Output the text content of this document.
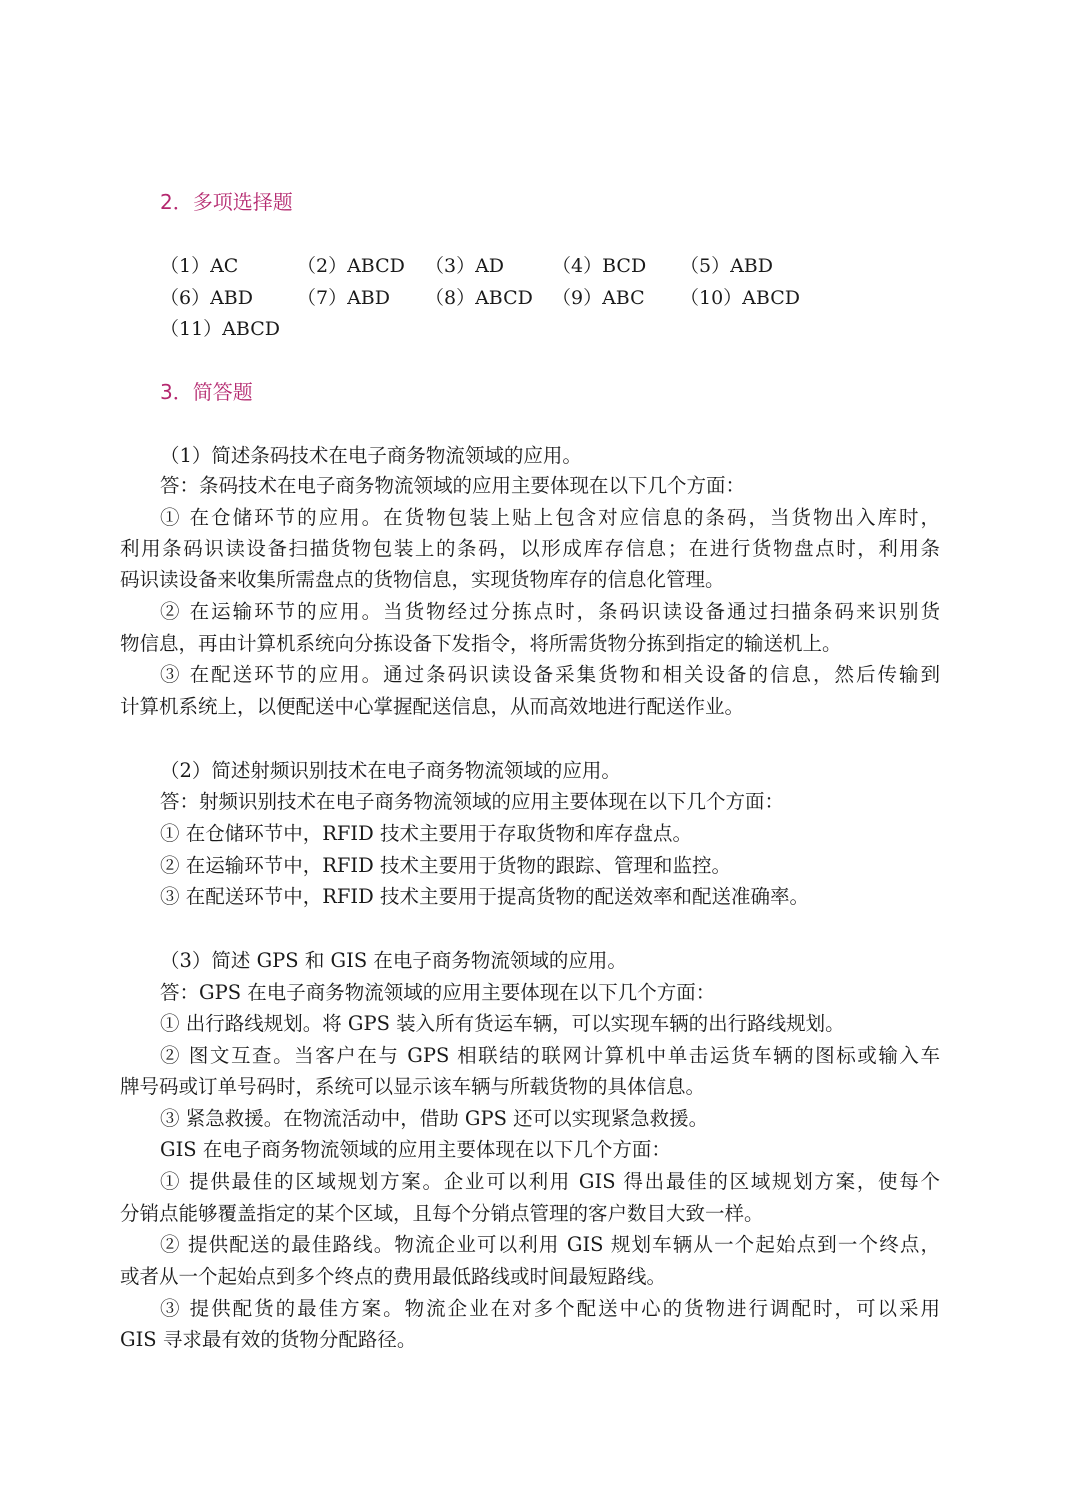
2．多项选择题
（1）AC	（2）ABCD （3）AD	（4）BCD （5）ABD
（6）ABD （7）ABD （8）ABCD （9）ABC （10）ABCD
（11）ABCD
3．简答题
（1）简述条码技术在电子商务物流领域的应用。
答：条码技术在电子商务物流领域的应用主要体现在以下几个方面：
① 在仓储环节的应用。在货物包装上贴上包含对应信息的条码，当货物出入库时，
利用条码识读设备扫描货物包装上的条码，以形成库存信息；在进行货物盘点时，利用条
码识读设备来收集所需盘点的货物信息，实现货物库存的信息化管理。
② 在运输环节的应用。当货物经过分拣点时，条码识读设备通过扫描条码来识别货
物信息，再由计算机系统向分拣设备下发指令，将所需货物分拣到指定的输送机上。
③ 在配送环节的应用。通过条码识读设备采集货物和相关设备的信息，然后传输到
计算机系统上，以便配送中心掌握配送信息，从而高效地进行配送作业。
（2）简述射频识别技术在电子商务物流领域的应用。
答：射频识别技术在电子商务物流领域的应用主要体现在以下几个方面：
① 在仓储环节中，RFID 技术主要用于存取货物和库存盘点。
② 在运输环节中，RFID 技术主要用于货物的跟踪、管理和监控。
③ 在配送环节中，RFID 技术主要用于提高货物的配送效率和配送准确率。
（3）简述 GPS 和 GIS 在电子商务物流领域的应用。
答：GPS 在电子商务物流领域的应用主要体现在以下几个方面：
① 出行路线规划。将 GPS 装入所有货运车辆，可以实现车辆的出行路线规划。
② 图文互查。当客户在与 GPS 相联结的联网计算机中单击运货车辆的图标或输入车
牌号码或订单号码时，系统可以显示该车辆与所载货物的具体信息。
③ 紧急救援。在物流活动中，借助 GPS 还可以实现紧急救援。
GIS 在电子商务物流领域的应用主要体现在以下几个方面：
① 提供最佳的区域规划方案。企业可以利用 GIS 得出最佳的区域规划方案，使每个
分销点能够覆盖指定的某个区域，且每个分销点管理的客户数目大致一样。
② 提供配送的最佳路线。物流企业可以利用 GIS 规划车辆从一个起始点到一个终点，
或者从一个起始点到多个终点的费用最低路线或时间最短路线。
③ 提供配货的最佳方案。物流企业在对多个配送中心的货物进行调配时，可以采用
GIS 寻求最有效的货物分配路径。
